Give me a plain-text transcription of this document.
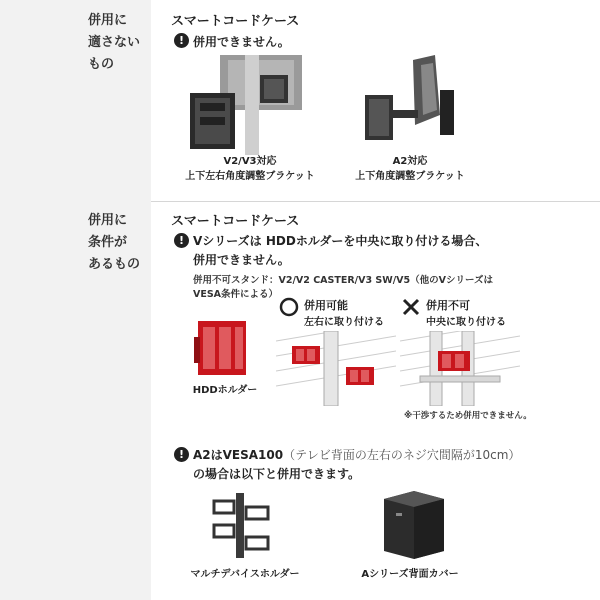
併用に
適さない
もの
スマートコードケース
! 併用できません。
V2/V3対応
上下左右角度調整ブラケット
A2対応
上下角度調整ブラケット
併用に
条件が
あるもの
スマートコードケース
! Vシリーズは HDDホルダーを中央に取り付ける場合、
併用できません。
併用不可スタンド：V2/V2 CASTER/V3 SW/V5（他のVシリーズは
VESA条件による）
HDDホルダー
併用可能
左右に取り付ける
併用不可
中央に取り付ける
※干渉するため併用できません。
! A2はVESA100（テレビ背面の左右のネジ穴間隔が10cm）
の場合は以下と併用できます。
マルチデバイスホルダー	Aシリーズ背面カバー
